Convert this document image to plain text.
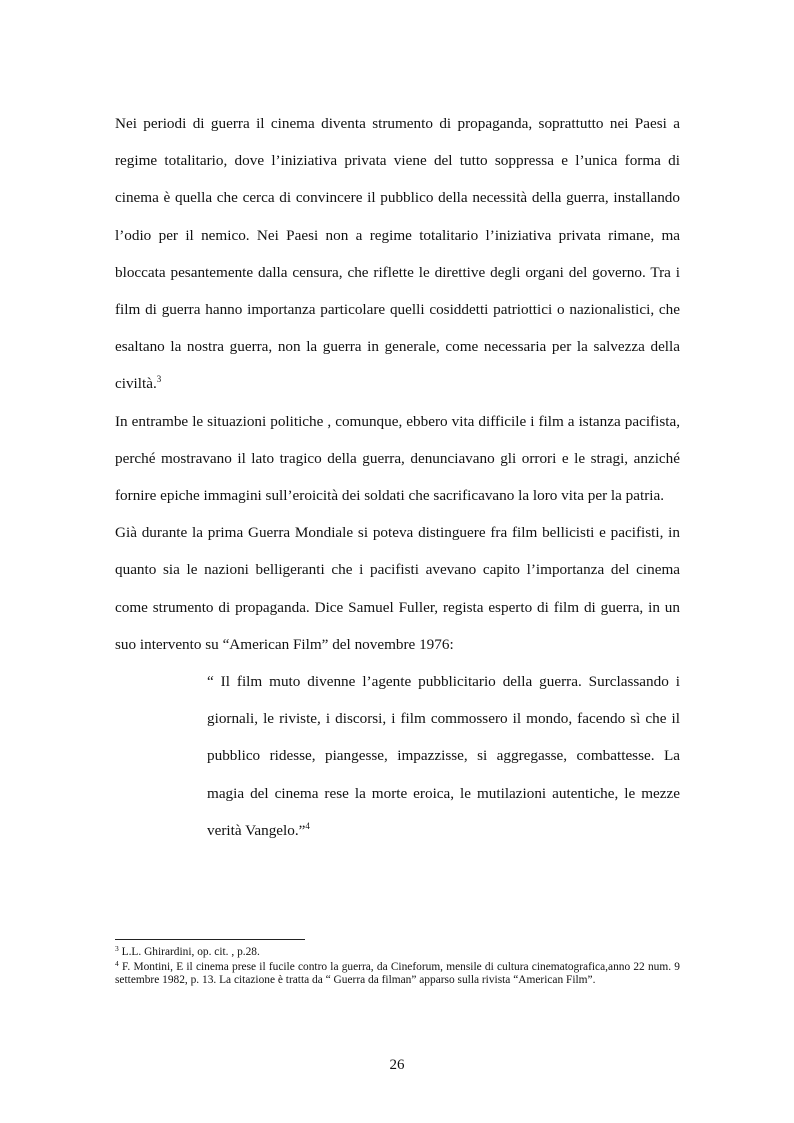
Nei periodi di guerra il cinema diventa strumento di propaganda, soprattutto nei Paesi a regime totalitario, dove l’iniziativa privata viene del tutto soppressa e l’unica forma di cinema è quella che cerca di convincere il pubblico della necessità della guerra, installando l’odio per il nemico. Nei Paesi non a regime totalitario l’iniziativa privata rimane, ma bloccata pesantemente dalla censura, che riflette le direttive degli organi del governo. Tra i film di guerra hanno importanza particolare quelli cosiddetti patriottici o nazionalistici, che esaltano la nostra guerra, non la guerra in generale, come necessaria per la salvezza della civiltà.$^3$

In entrambe le situazioni politiche , comunque, ebbero vita difficile i film a istanza pacifista, perché mostravano il lato tragico della guerra, denunciavano gli orrori e le stragi, anziché fornire epiche immagini sull’eroicità dei soldati che sacrificavano la loro vita per la patria.

Già durante la prima Guerra Mondiale si poteva distinguere fra film bellicisti e pacifisti, in quanto sia le nazioni belligeranti che i pacifisti avevano capito l’importanza del cinema come strumento di propaganda. Dice Samuel Fuller, regista esperto di film di guerra, in un suo intervento su “American Film” del novembre 1976:

“ Il film muto divenne l’agente pubblicitario della guerra. Surclassando i giornali, le riviste, i discorsi, i film commossero il mondo, facendo sì che il pubblico ridesse, piangesse, impazzisse, si aggregasse, combattesse. La magia del cinema rese la morte eroica, le mutilazioni autentiche, le mezze verità Vangelo.”$^4$

$^3$ L.L. Ghirardini, op. cit. , p.28.

$^4$ F. Montini, E il cinema prese il fucile contro la guerra, da Cineforum, mensile di cultura cinematografica,anno 22 num. 9 settembre 1982, p. 13. La citazione è tratta da “ Guerra da filman” apparso sulla rivista “American Film”.

26
